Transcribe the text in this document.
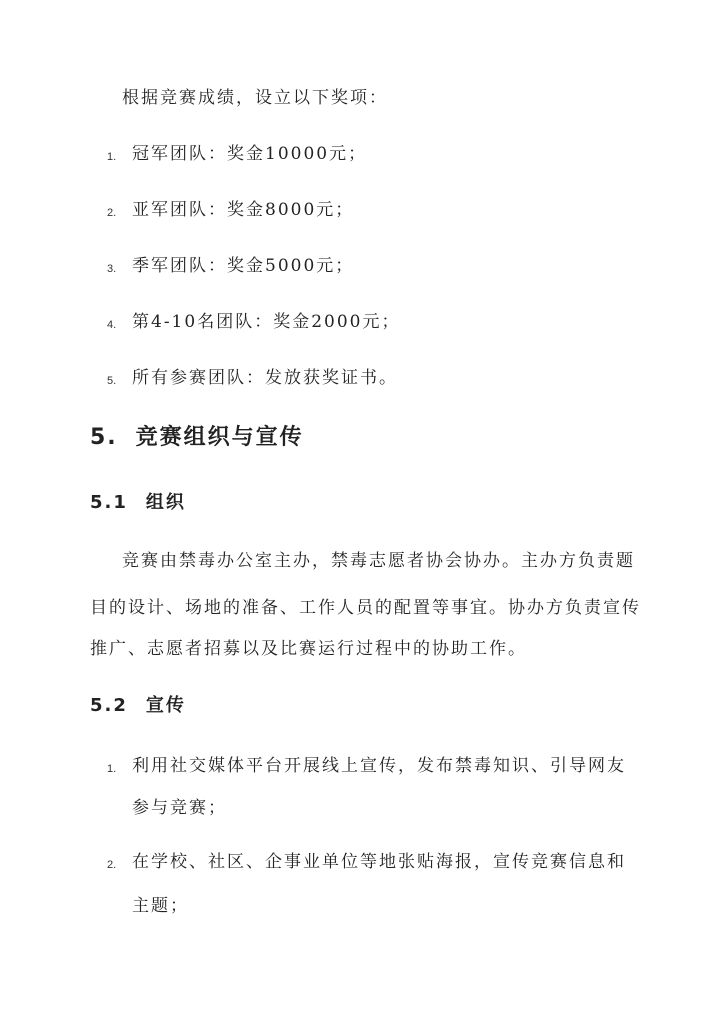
根据竞赛成绩，设立以下奖项：
1. 冠军团队：奖金10000元；
2. 亚军团队：奖金8000元；
3. 季军团队：奖金5000元；
4. 第4-10名团队：奖金2000元；
5. 所有参赛团队：发放获奖证书。
5. 竞赛组织与宣传
5.1 组织
竞赛由禁毒办公室主办，禁毒志愿者协会协办。主办方负责题
目的设计、场地的准备、工作人员的配置等事宜。协办方负责宣传
推广、志愿者招募以及比赛运行过程中的协助工作。
5.2 宣传
1. 利用社交媒体平台开展线上宣传，发布禁毒知识、引导网友
参与竞赛；
2. 在学校、社区、企事业单位等地张贴海报，宣传竞赛信息和
主题；
